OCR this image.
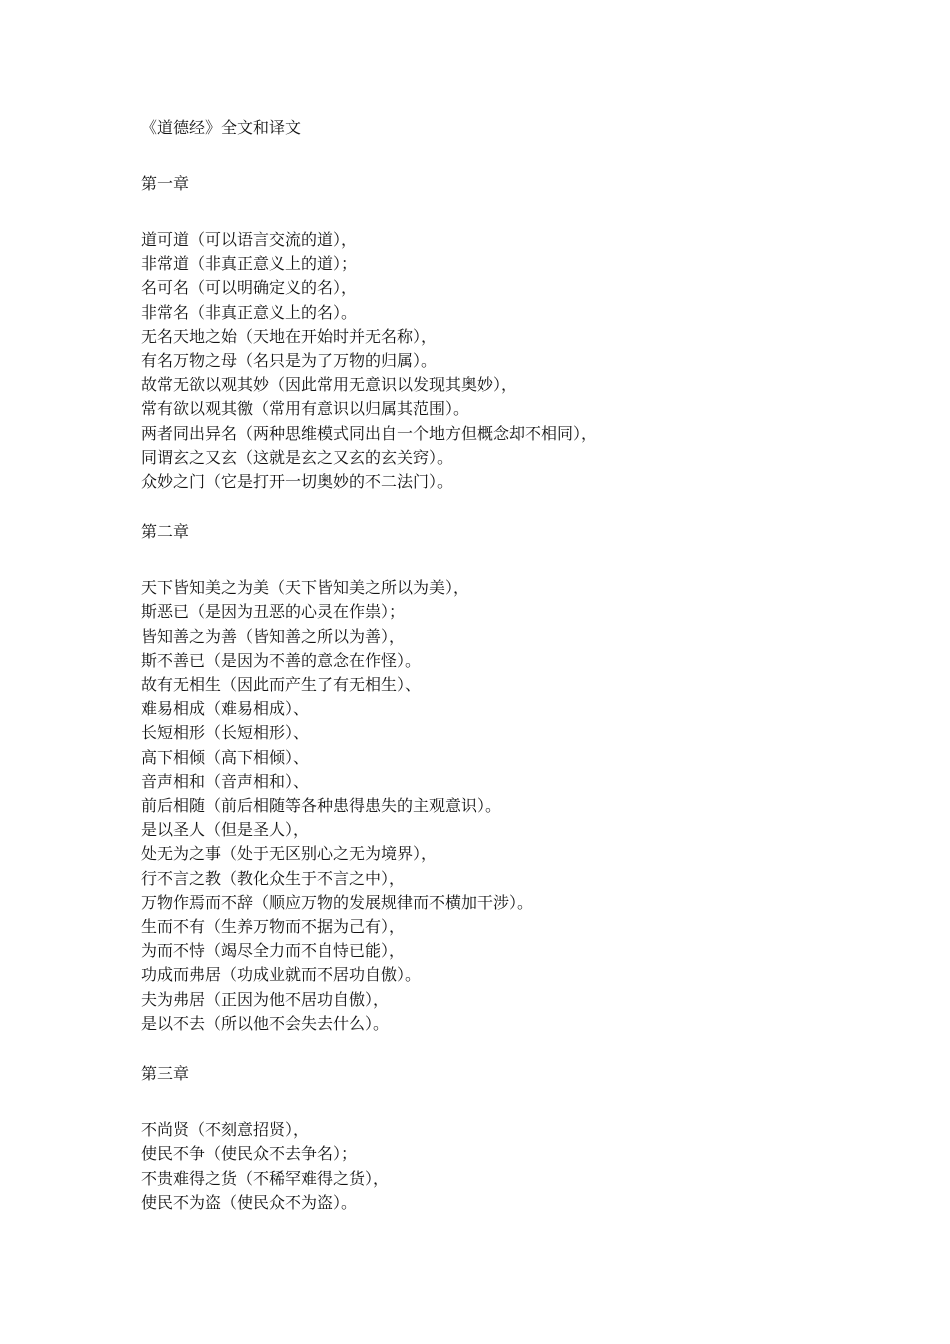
《道德经》全文和译文

第一章

道可道（可以语言交流的道），
非常道（非真正意义上的道）；
名可名（可以明确定义的名），
非常名（非真正意义上的名）。
无名天地之始（天地在开始时并无名称），
有名万物之母（名只是为了万物的归属）。
故常无欲以观其妙（因此常用无意识以发现其奥妙），
常有欲以观其徼（常用有意识以归属其范围）。
两者同出异名（两种思维模式同出自一个地方但概念却不相同），
同谓玄之又玄（这就是玄之又玄的玄关窍）。
众妙之门（它是打开一切奥妙的不二法门）。

第二章

天下皆知美之为美（天下皆知美之所以为美），
斯恶已（是因为丑恶的心灵在作祟）；
皆知善之为善（皆知善之所以为善），
斯不善已（是因为不善的意念在作怪）。
故有无相生（因此而产生了有无相生）、
难易相成（难易相成）、
长短相形（长短相形）、
高下相倾（高下相倾）、
音声相和（音声相和）、
前后相随（前后相随等各种患得患失的主观意识）。
是以圣人（但是圣人），
处无为之事（处于无区别心之无为境界），
行不言之教（教化众生于不言之中），
万物作焉而不辞（顺应万物的发展规律而不横加干涉）。
生而不有（生养万物而不据为己有），
为而不恃（竭尽全力而不自恃已能），
功成而弗居（功成业就而不居功自傲）。
夫为弗居（正因为他不居功自傲），
是以不去（所以他不会失去什么）。

第三章

不尚贤（不刻意招贤），
使民不争（使民众不去争名）；
不贵难得之货（不稀罕难得之货），
使民不为盗（使民众不为盗）。
